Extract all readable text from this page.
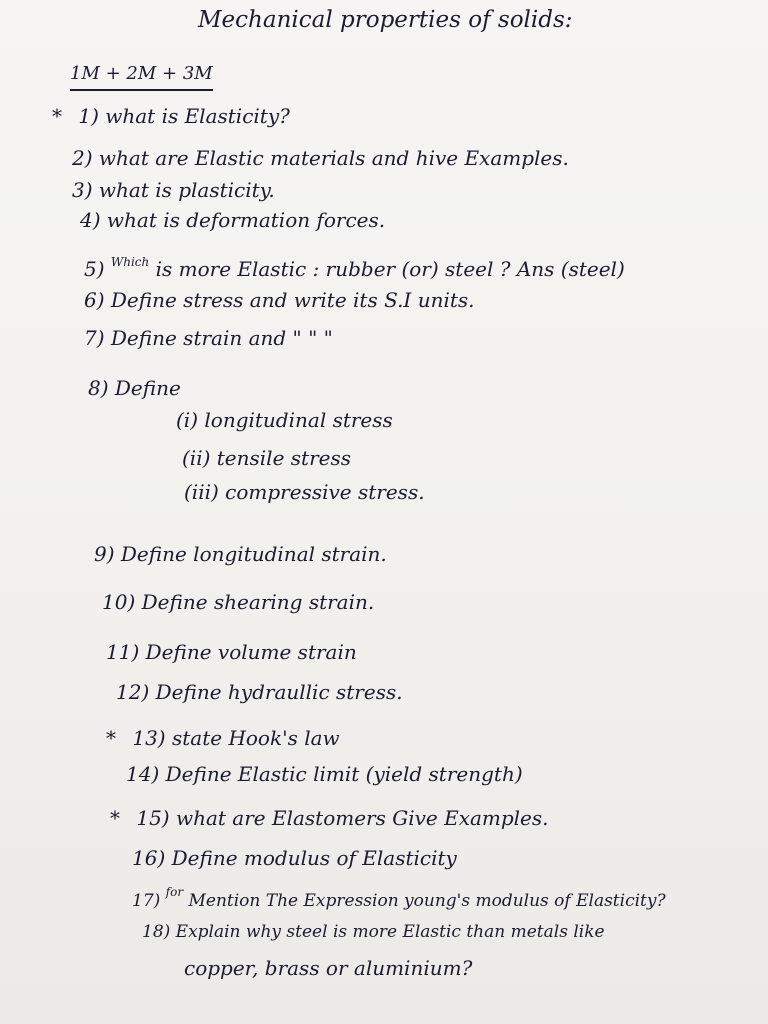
Mechanical properties of solids:
1M + 2M + 3M
* 1) what is Elasticity?
2) what are Elastic materials and hive Examples.
3) what is plasticity.
4) what is deformation forces.
5) $^{Which}$ is more Elastic : rubber (or) steel ? Ans (steel)
6) Define stress and write its S.I units.
7) Define strain and " " "
8) Define
(i) longitudinal stress
(ii) tensile stress
(iii) compressive stress.
9) Define longitudinal strain.
10) Define shearing strain.
11) Define volume strain
12) Define hydraullic stress.
* 13) state Hook's law
14) Define Elastic limit (yield strength)
* 15) what are Elastomers Give Examples.
16) Define modulus of Elasticity
17) $^{for}$ Mention The Expression young's modulus of Elasticity?
18) Explain why steel is more Elastic than metals like
copper, brass or aluminium?
